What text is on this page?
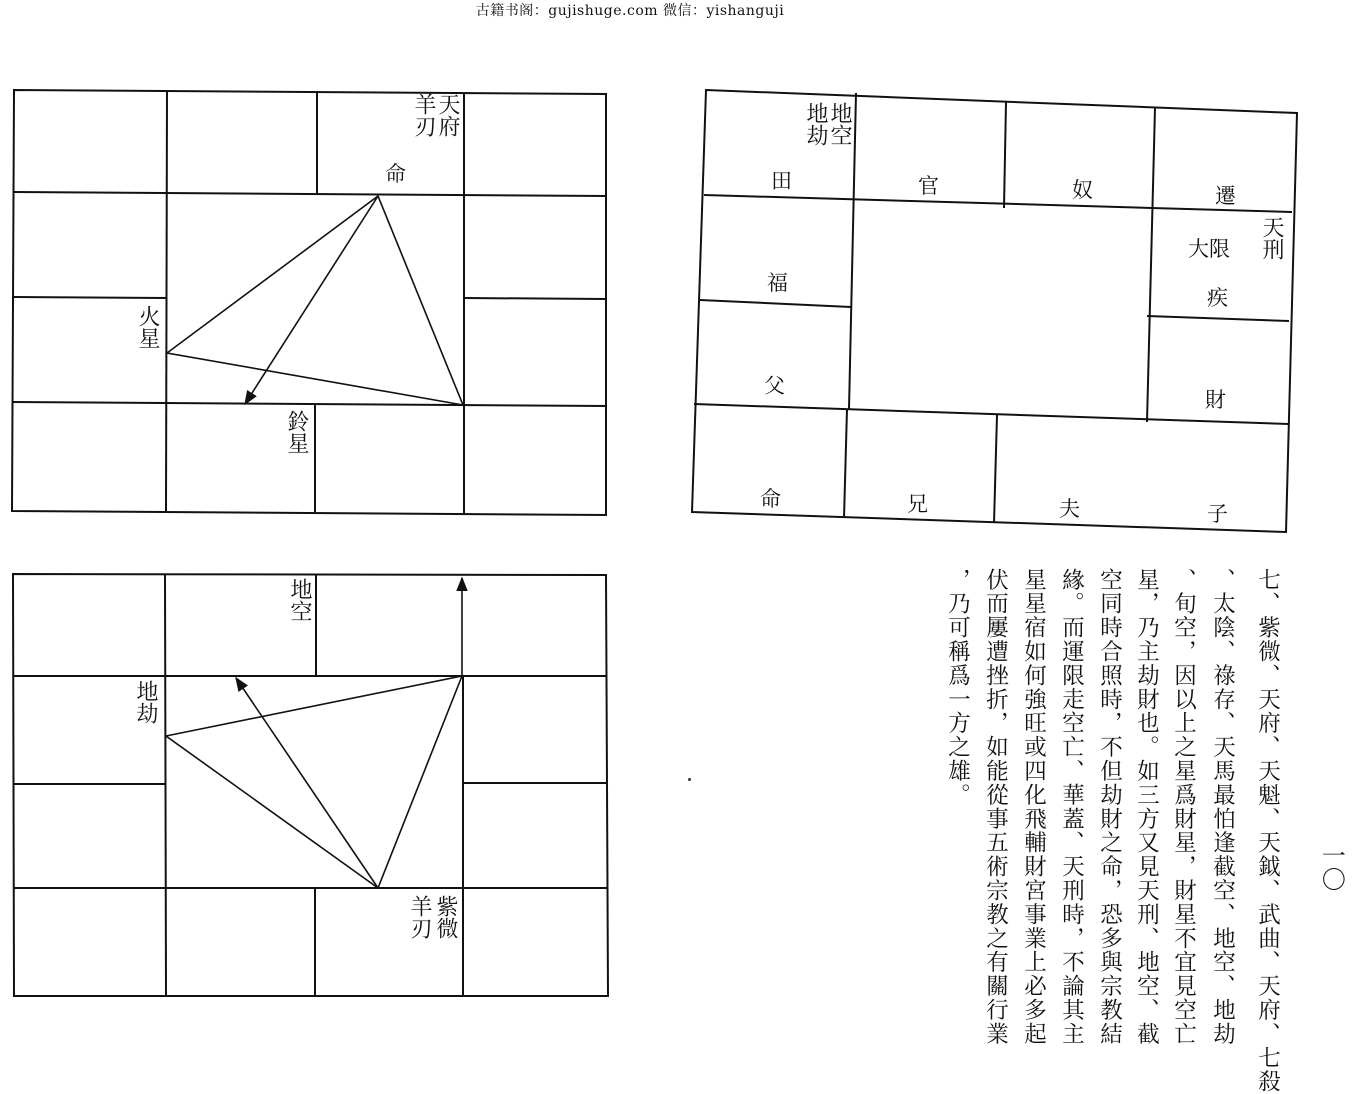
古籍书阁：gujishuge.com 微信：yishanguji
羊刃 天府
命
火星
鈴星
地劫 地空
田	官	奴	遷
天刑
大限
福
疾
父
財
命	兄	夫	子
地空
地劫
羊刃 紫微	七、紫微、天府、天魁、天鉞、武曲、天府、七殺
、太陰、祿存、天馬最怕逢截空、地空、地劫
、旬空，因以上之星爲財星，財星不宜見空亡
星，乃主劫財也。如三方又見天刑、地空、截
空同時合照時，不但劫財之命，恐多與宗教結
緣。而運限走空亡、華蓋、天刑時，不論其主
星星宿如何強旺或四化飛輔財宮事業上必多起
伏而屢遭挫折，如能從事五術宗教之有關行業
，乃可稱爲一方之雄。
一〇
